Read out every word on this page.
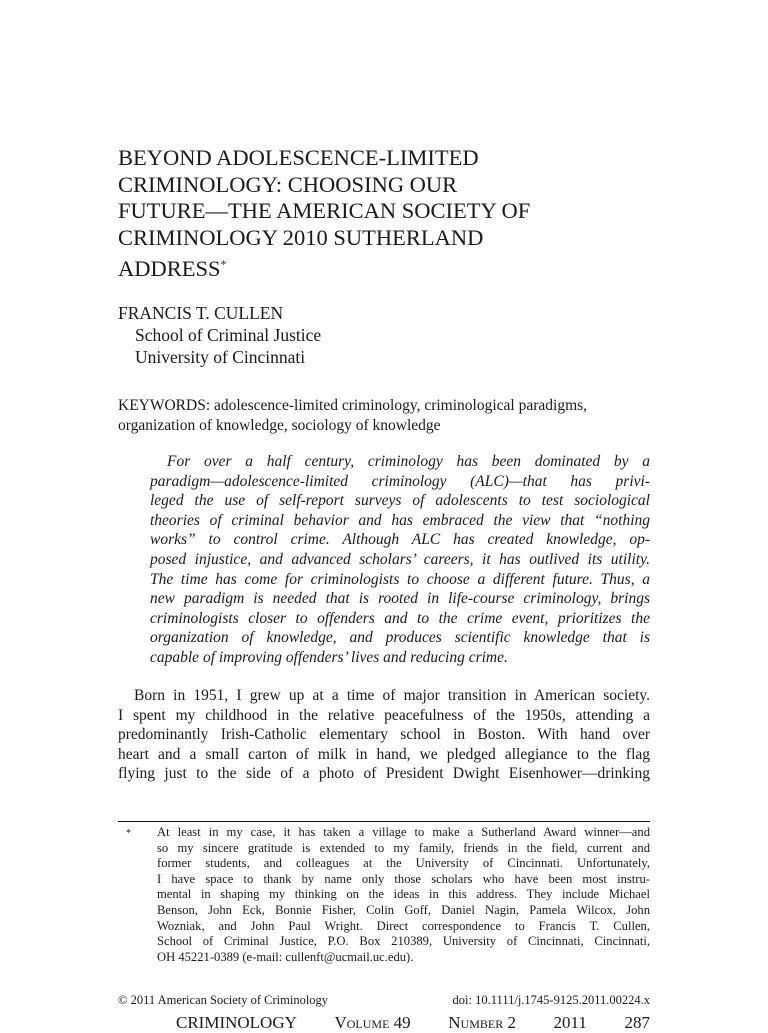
BEYOND ADOLESCENCE-LIMITED
CRIMINOLOGY: CHOOSING OUR
FUTURE—THE AMERICAN SOCIETY OF
CRIMINOLOGY 2010 SUTHERLAND
ADDRESS*
FRANCIS T. CULLEN
School of Criminal Justice
University of Cincinnati
KEYWORDS: adolescence-limited criminology, criminological paradigms,
organization of knowledge, sociology of knowledge
For over a half century, criminology has been dominated by a
paradigm—adolescence-limited criminology (ALC)—that has privi-
leged the use of self-report surveys of adolescents to test sociological
theories of criminal behavior and has embraced the view that “nothing
works” to control crime. Although ALC has created knowledge, op-
posed injustice, and advanced scholars’ careers, it has outlived its utility.
The time has come for criminologists to choose a different future. Thus, a
new paradigm is needed that is rooted in life-course criminology, brings
criminologists closer to offenders and to the crime event, prioritizes the
organization of knowledge, and produces scientific knowledge that is
capable of improving offenders’ lives and reducing crime.
Born in 1951, I grew up at a time of major transition in American society.
I spent my childhood in the relative peacefulness of the 1950s, attending a
predominantly Irish-Catholic elementary school in Boston. With hand over
heart and a small carton of milk in hand, we pledged allegiance to the flag
flying just to the side of a photo of President Dwight Eisenhower—drinking
* At least in my case, it has taken a village to make a Sutherland Award winner—and
so my sincere gratitude is extended to my family, friends in the field, current and
former students, and colleagues at the University of Cincinnati. Unfortunately,
I have space to thank by name only those scholars who have been most instru-
mental in shaping my thinking on the ideas in this address. They include Michael
Benson, John Eck, Bonnie Fisher, Colin Goff, Daniel Nagin, Pamela Wilcox, John
Wozniak, and John Paul Wright. Direct correspondence to Francis T. Cullen,
School of Criminal Justice, P.O. Box 210389, University of Cincinnati, Cincinnati,
OH 45221-0389 (e-mail: cullenft@ucmail.uc.edu).
© 2011 American Society of Criminology	doi: 10.1111/j.1745-9125.2011.00224.x
CRIMINOLOGY Volume 49 Number 2 2011 287
